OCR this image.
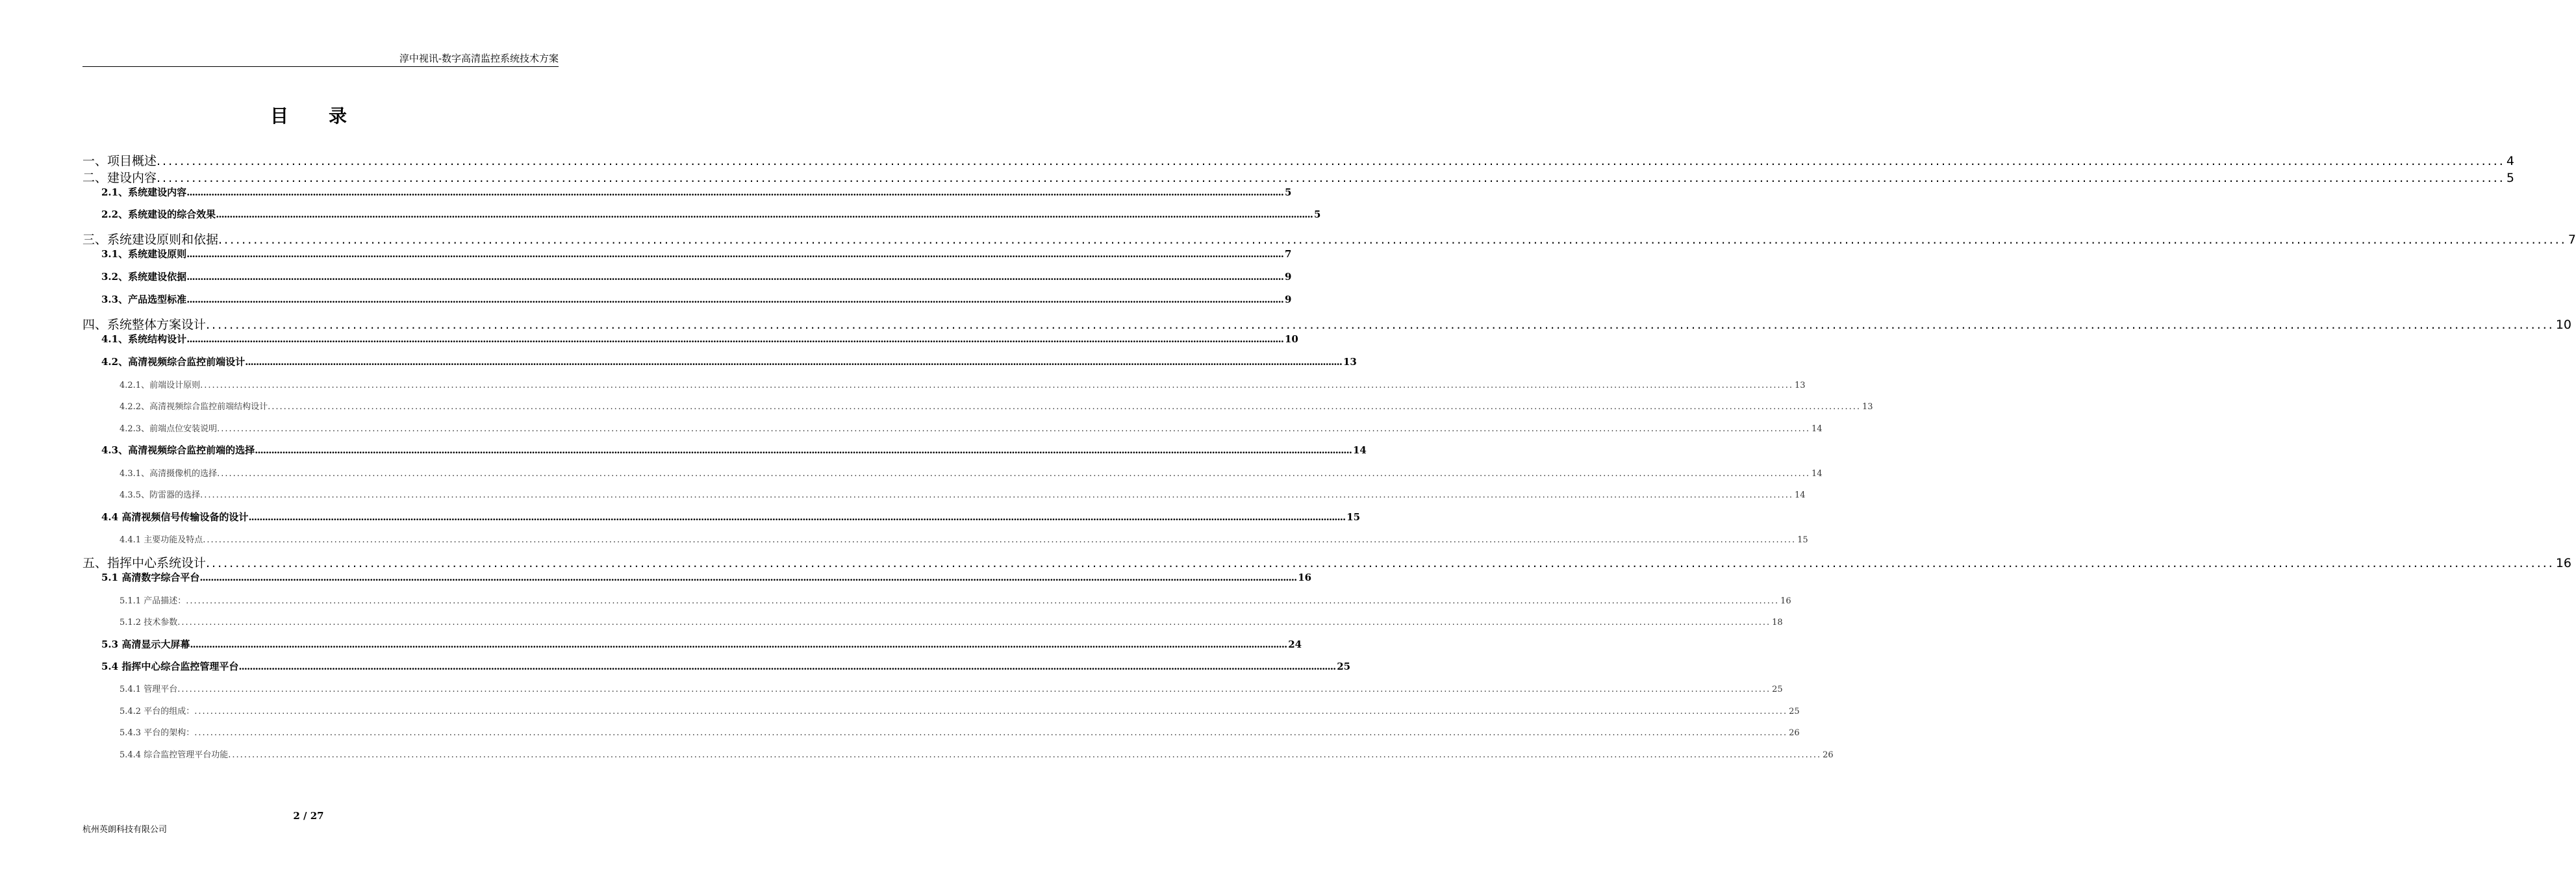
淳中视讯-数字高清监控系统技术方案
目录
一、项目概述 ................................................................................................................................................................................................................................................................................................................................................................................................................ 4
二、建设内容 ................................................................................................................................................................................................................................................................................................................................................................................................................ 5
2.1、系统建设内容 ................................................................................................................................................................................................................................................................................................................................................................................................................ 5
2.2、系统建设的综合效果 ................................................................................................................................................................................................................................................................................................................................................................................................................ 5
三、系统建设原则和依据 ................................................................................................................................................................................................................................................................................................................................................................................................................ 7
3.1、系统建设原则 ................................................................................................................................................................................................................................................................................................................................................................................................................ 7
3.2、系统建设依据 ................................................................................................................................................................................................................................................................................................................................................................................................................ 9
3.3、产品选型标准 ................................................................................................................................................................................................................................................................................................................................................................................................................ 9
四、系统整体方案设计 ................................................................................................................................................................................................................................................................................................................................................................................................................ 10
4.1、系统结构设计 ................................................................................................................................................................................................................................................................................................................................................................................................................ 10
4.2、高清视频综合监控前端设计 ................................................................................................................................................................................................................................................................................................................................................................................................................ 13
4.2.1、前端设计原则 ................................................................................................................................................................................................................................................................................................................................................................................................................ 13
4.2.2、高清视频综合监控前端结构设计 ................................................................................................................................................................................................................................................................................................................................................................................................................ 13
4.2.3、前端点位安装说明 ................................................................................................................................................................................................................................................................................................................................................................................................................ 14
4.3、高清视频综合监控前端的选择 ................................................................................................................................................................................................................................................................................................................................................................................................................ 14
4.3.1、高清摄像机的选择 ................................................................................................................................................................................................................................................................................................................................................................................................................ 14
4.3.5、防雷器的选择 ................................................................................................................................................................................................................................................................................................................................................................................................................ 14
4.4 高清视频信号传输设备的设计 ................................................................................................................................................................................................................................................................................................................................................................................................................ 15
4.4.1 主要功能及特点 ................................................................................................................................................................................................................................................................................................................................................................................................................ 15
五、指挥中心系统设计 ................................................................................................................................................................................................................................................................................................................................................................................................................ 16
5.1 高清数字综合平台 ................................................................................................................................................................................................................................................................................................................................................................................................................ 16
5.1.1 产品描述： ................................................................................................................................................................................................................................................................................................................................................................................................................ 16
5.1.2 技术参数 ................................................................................................................................................................................................................................................................................................................................................................................................................ 18
5.3 高清显示大屏幕 ................................................................................................................................................................................................................................................................................................................................................................................................................ 24
5.4 指挥中心综合监控管理平台 ................................................................................................................................................................................................................................................................................................................................................................................................................ 25
5.4.1 管理平台 ................................................................................................................................................................................................................................................................................................................................................................................................................ 25
5.4.2 平台的组成： ................................................................................................................................................................................................................................................................................................................................................................................................................ 25
5.4.3 平台的架构： ................................................................................................................................................................................................................................................................................................................................................................................................................ 26
5.4.4 综合监控管理平台功能 ................................................................................................................................................................................................................................................................................................................................................................................................................ 26
2 / 27
杭州英朗科技有限公司
